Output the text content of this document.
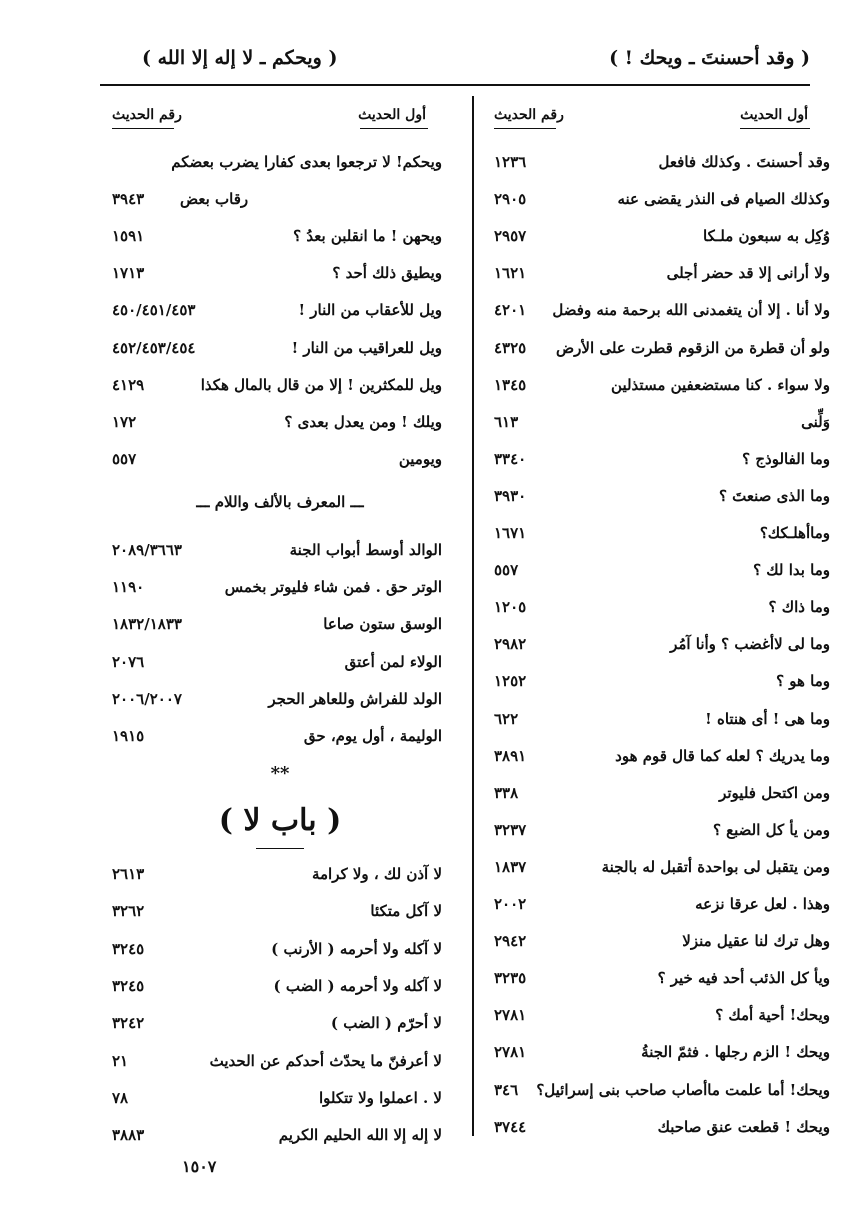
( وقد أحسنتَ ـ ويحك ! )
( ويحكم ـ لا إله إلا الله )
أول الحديث
رقم الحديث
أول الحديث
رقم الحديث
وقد أحسنتَ . وكذلك فافعل
١٢٣٦
وكذلك الصيام فى النذر يقضى عنه
٢٩٠٥
وُكِل به سبعون ملـكا
٢٩٥٧
ولا أرانى إلا قد حضر أجلى
١٦٢١
ولا أنا . إلا أن يتغمدنى الله برحمة منه وفضل
٤٢٠١
ولو أن قطرة من الزقوم قطرت على الأرض
٤٣٢٥
ولا سواء . كنا مستضعفين مستذلين
١٣٤٥
وَلِّنى
٦١٣
وما الفالوذج ؟
٣٣٤٠
وما الذى صنعتَ ؟
٣٩٣٠
وماأهلـكك؟
١٦٧١
وما بدا لك ؟
٥٥٧
وما ذاك ؟
١٢٠٥
وما لى لاأغضب ؟ وأنا آمُر
٢٩٨٢
وما هو ؟
١٢٥٢
وما هى ! أى هنتاه !
٦٢٢
وما يدريك ؟ لعله كما قال قوم هود
٣٨٩١
ومن اكتحل فليوتر
٣٣٨
ومن يأ كل الضبع ؟
٣٢٣٧
ومن يتقبل لى بواحدة أتقبل له بالجنة
١٨٣٧
وهذا . لعل عرقا نزعه
٢٠٠٢
وهل ترك لنا عقيل منزلا
٢٩٤٢
ويأ كل الذئب أحد فيه خير ؟
٣٢٣٥
ويحك! أحية أمك ؟
٢٧٨١
ويحك ! الزم رجلها . فثمّ الجنةُ
٢٧٨١
ويحك! أما علمت ماأصاب صاحب بنى إسرائيل؟
٣٤٦
ويحك ! قطعت عنق صاحبك
٣٧٤٤
ويحكم! لا ترجعوا بعدى كفارا يضرب بعضكم
رقاب بعض
٣٩٤٣
ويحهن ! ما انقلبن بعدُ ؟
١٥٩١
ويطيق ذلك أحد ؟
١٧١٣
ويل للأعقاب من النار !
٤٥٠/٤٥١/٤٥٣
ويل للعراقيب من النار !
٤٥٢/٤٥٣/٤٥٤
ويل للمكثرين ! إلا من قال بالمال هكذا
٤١٢٩
ويلك ! ومن يعدل بعدى ؟
١٧٢
ويومين
٥٥٧
الوالد أوسط أبواب الجنة
٢٠٨٩/٣٦٦٣
الوتر حق . فمن شاء فليوتر بخمس
١١٩٠
الوسق ستون صاعا
١٨٣٢/١٨٣٣
الولاء لمن أعتق
٢٠٧٦
الولد للفراش وللعاهر الحجر
٢٠٠٦/٢٠٠٧
الوليمة ، أول يوم، حق
١٩١٥
لا آذن لك ، ولا كرامة
٢٦١٣
لا آكل متكئا
٣٢٦٢
لا آكله ولا أحرمه ( الأرنب )
٣٢٤٥
لا آكله ولا أحرمه ( الضب )
٣٢٤٥
لا أحرّم ( الضب )
٣٢٤٢
لا أعرفنّ ما يحدّث أحدكم عن الحديث
٢١
لا . اعملوا ولا تتكلوا
٧٨
لا إله إلا الله الحليم الكريم
٣٨٨٣
ـــ المعرف بالألف واللام ـــ
**
( باب لا )
١٥٠٧
